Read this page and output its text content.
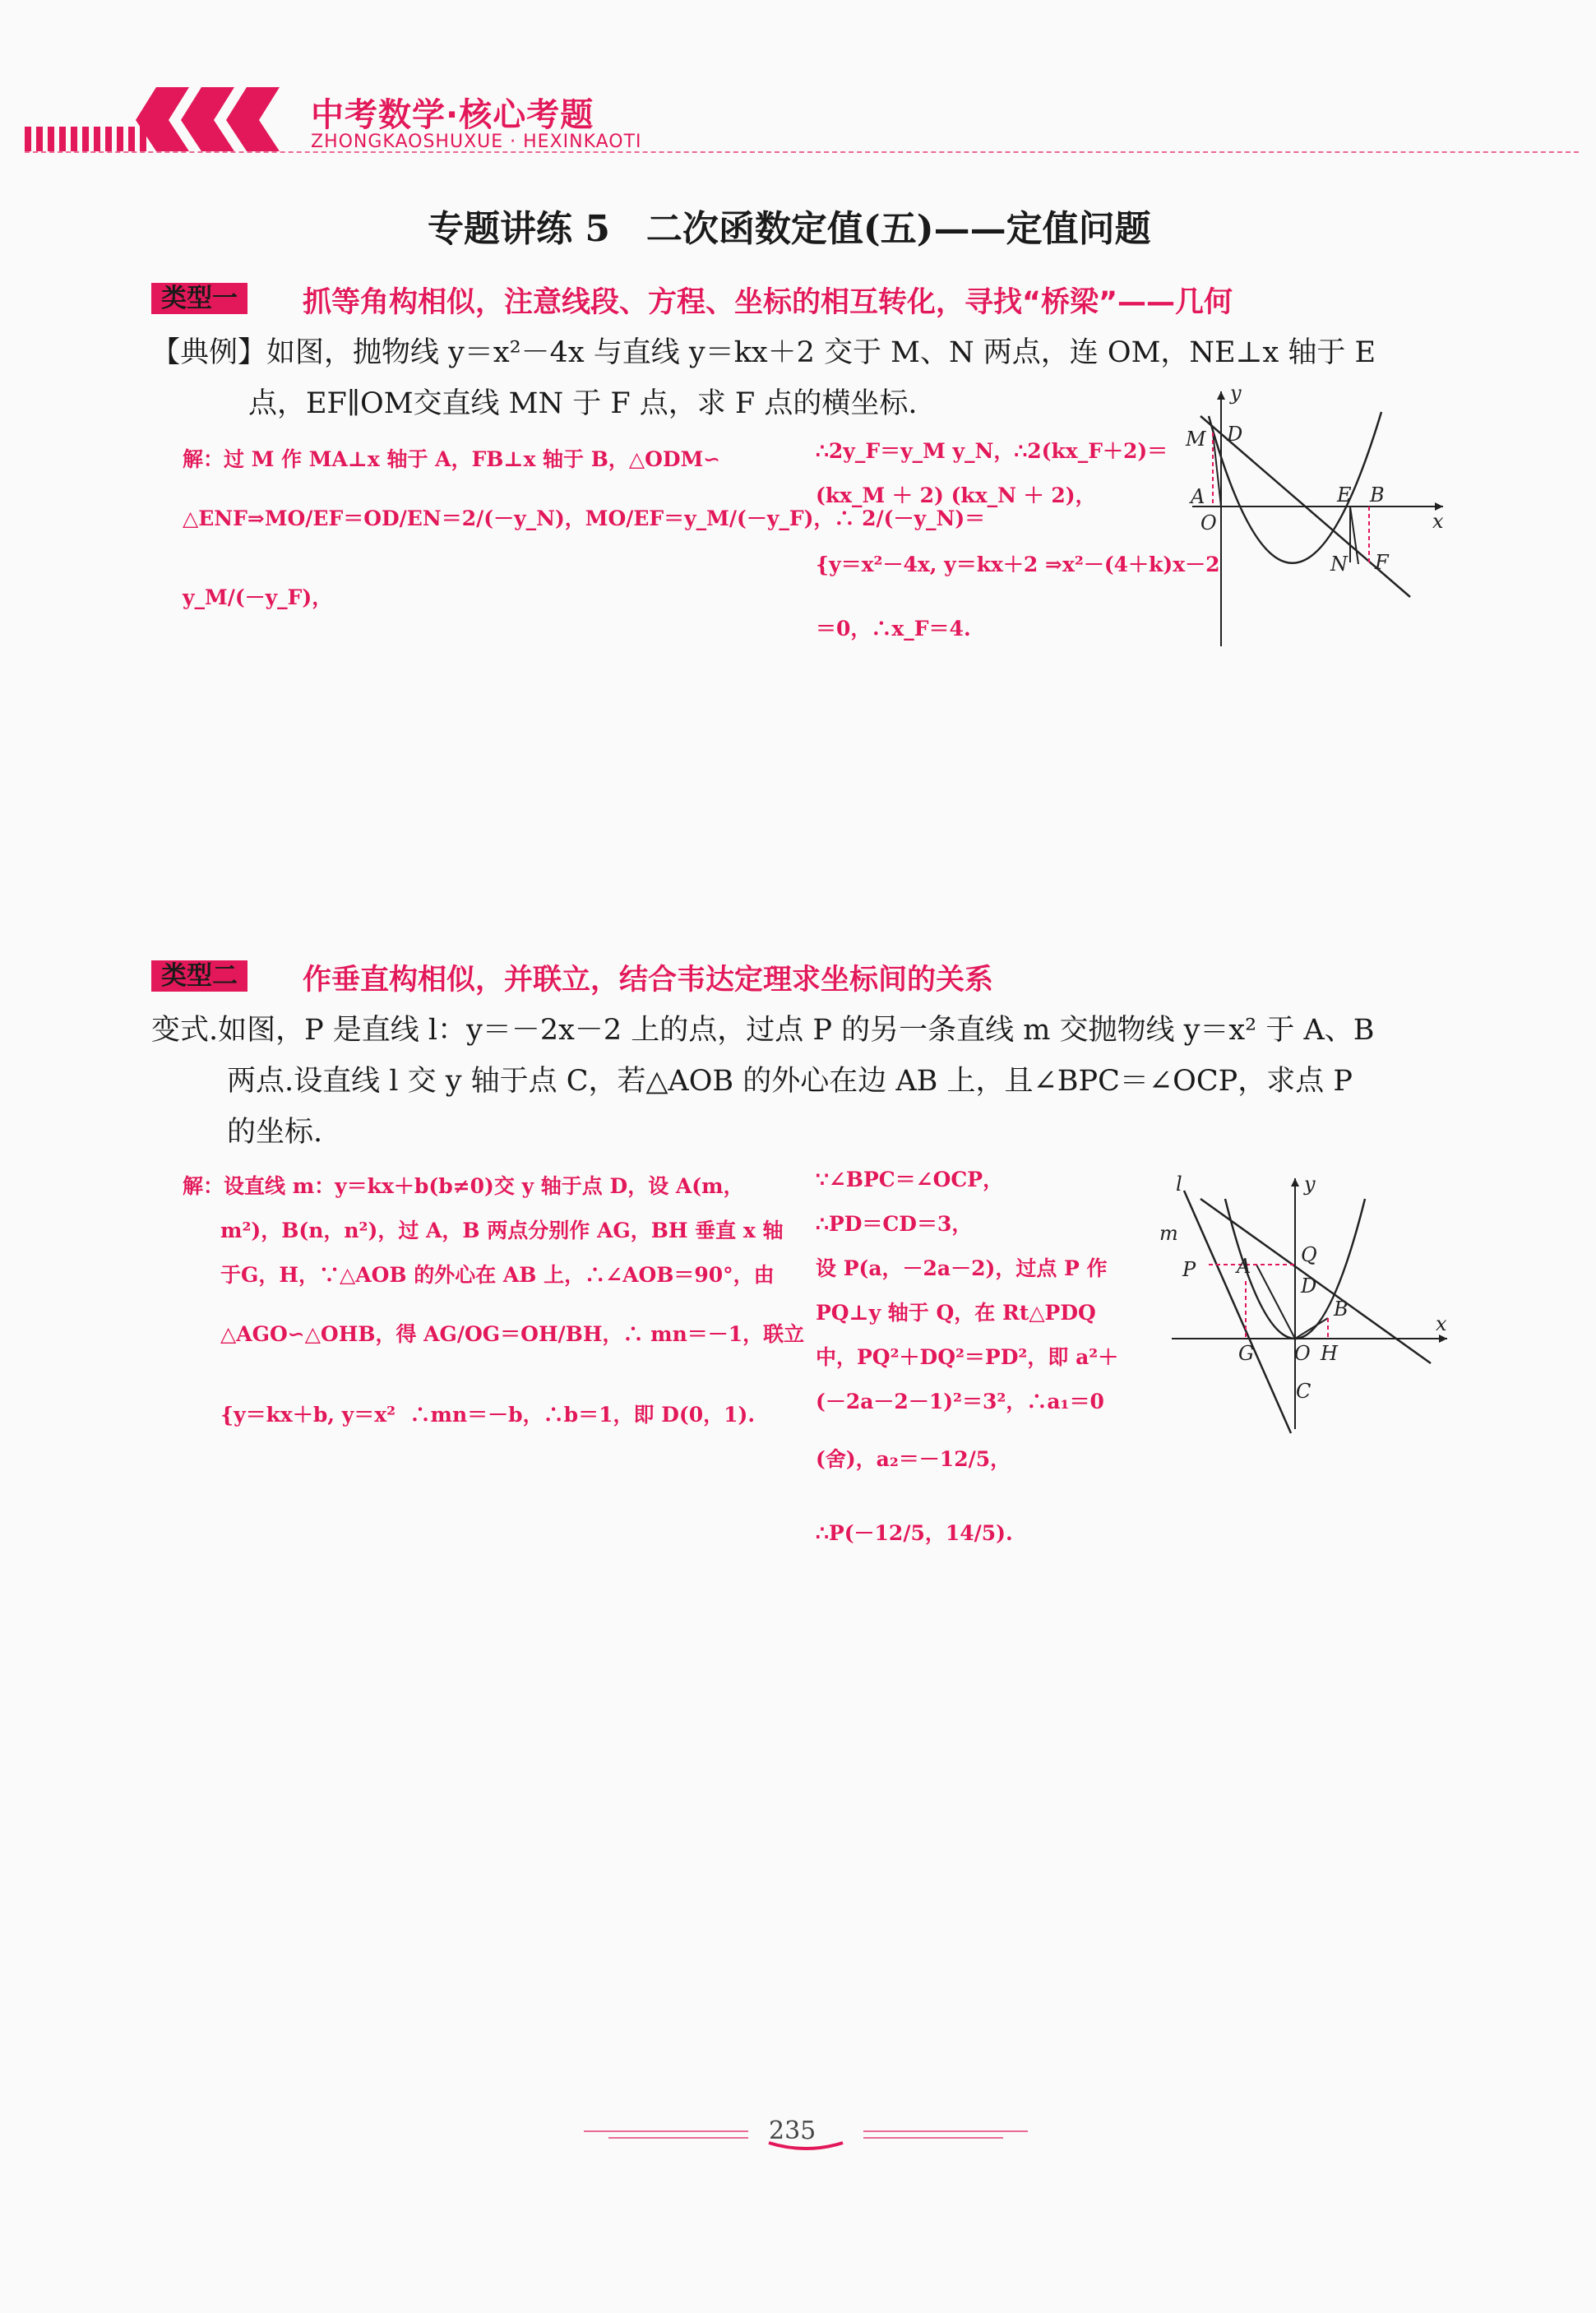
中考数学·核心考题
ZHONGKAOSHUXUE · HEXINKAOTI
专题讲练 5　二次函数定值(五)——定值问题
类型一	抓等角构相似，注意线段、方程、坐标的相互转化，寻找“桥梁”——几何
【典例】如图，抛物线 y＝x²－4x 与直线 y＝kx＋2 交于 M、N 两点，连 OM，NE⊥x 轴于 E
点，EF∥OM交直线 MN 于 F 点，求 F 点的横坐标.
解：过 M 作 MA⊥x 轴于 A，FB⊥x 轴于 B，△ODM∽
△ENF⇒MO/EF＝OD/EN＝2/(－y_N)，MO/EF＝y_M/(－y_F)，∴ 2/(－y_N)＝
y_M/(－y_F)，
∴2y_F＝y_M y_N，∴2(kx_F＋2)＝
(kx_M ＋ 2) (kx_N ＋ 2)，
{y＝x²－4x, y＝kx＋2 ⇒x²－(4＋k)x－2
＝0，∴x_F＝4.
y
x
O
M D
A	E B
N F
类型二	作垂直构相似，并联立，结合韦达定理求坐标间的关系
变式.如图，P 是直线 l：y＝－2x－2 上的点，过点 P 的另一条直线 m 交抛物线 y＝x² 于 A、B
两点.设直线 l 交 y 轴于点 C，若△AOB 的外心在边 AB 上，且∠BPC＝∠OCP，求点 P
的坐标.
解：设直线 m：y＝kx＋b(b≠0)交 y 轴于点 D，设 A(m，
m²)，B(n，n²)，过 A，B 两点分别作 AG，BH 垂直 x 轴
于G，H，∵△AOB 的外心在 AB 上，∴∠AOB＝90°，由
△AGO∽△OHB，得 AG/OG＝OH/BH，∴ mn＝－1，联立
{y＝kx＋b, y＝x²  ∴mn＝－b，∴b＝1，即 D(0，1).
∵∠BPC＝∠OCP，
∴PD＝CD＝3，
设 P(a，－2a－2)，过点 P 作
PQ⊥y 轴于 Q，在 Rt△PDQ
中，PQ²＋DQ²＝PD²，即 a²＋
(－2a－2－1)²＝3²，∴a₁＝0
(舍)，a₂＝－12/5，
∴P(－12/5，14/5).
y
x
l
m
P A	Q
D
B
G O H
C
235
